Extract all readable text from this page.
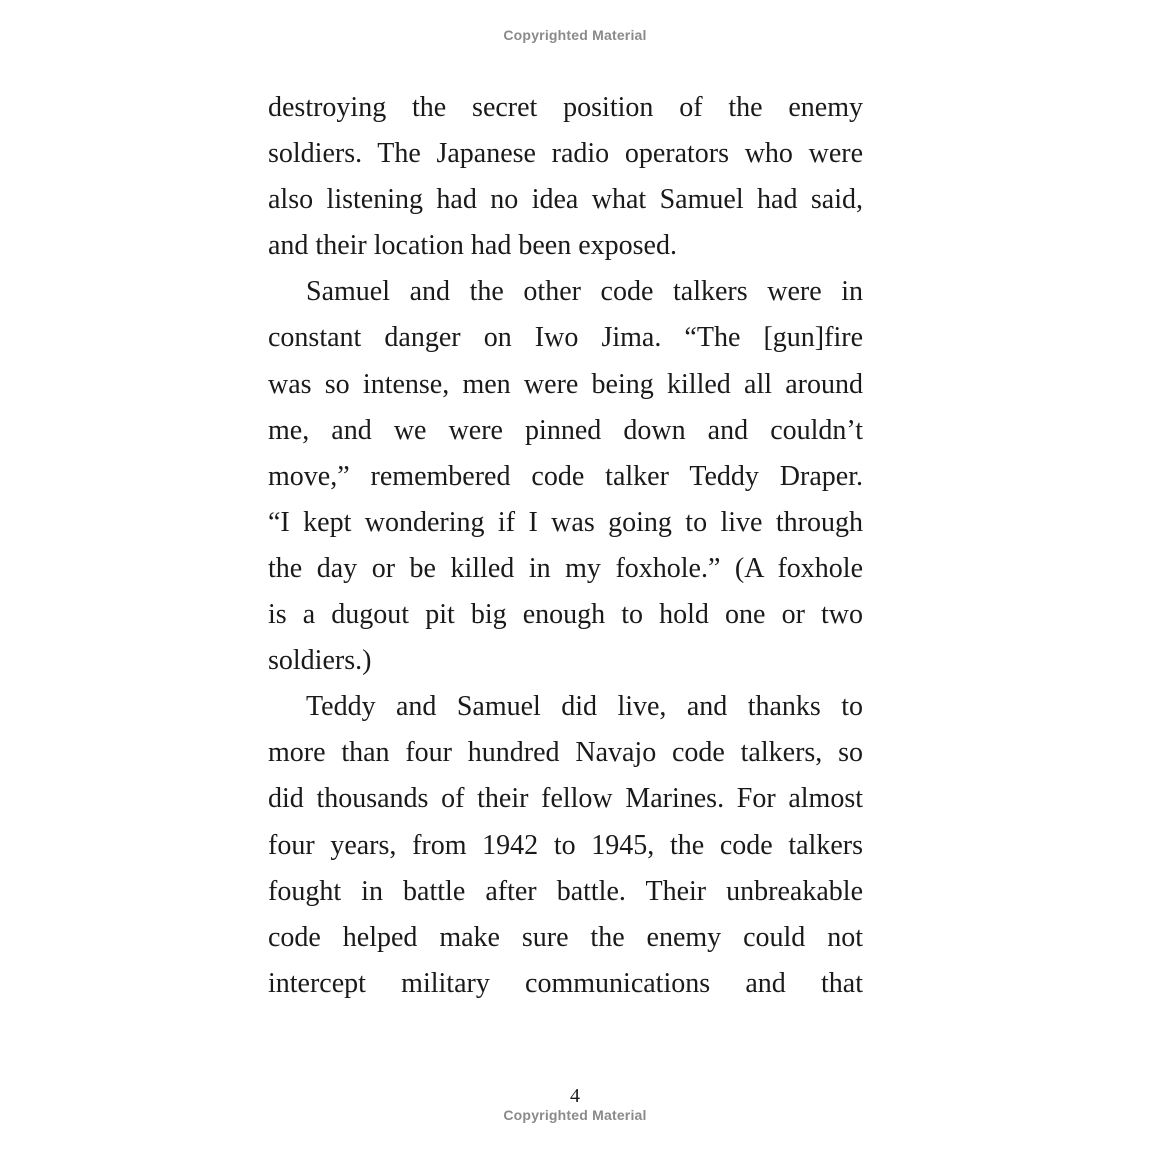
Copyrighted Material
destroying the secret position of the enemy
soldiers. The Japanese radio operators who were
also listening had no idea what Samuel had said,
and their location had been exposed.
Samuel and the other code talkers were in
constant danger on Iwo Jima. “The [gun]fire
was so intense, men were being killed all around
me, and we were pinned down and couldn’t
move,” remembered code talker Teddy Draper.
“I kept wondering if I was going to live through
the day or be killed in my foxhole.” (A foxhole
is a dugout pit big enough to hold one or two
soldiers.)
Teddy and Samuel did live, and thanks to
more than four hundred Navajo code talkers, so
did thousands of their fellow Marines. For almost
four years, from 1942 to 1945, the code talkers
fought in battle after battle. Their unbreakable
code helped make sure the enemy could not
intercept military communications and that
4
Copyrighted Material
